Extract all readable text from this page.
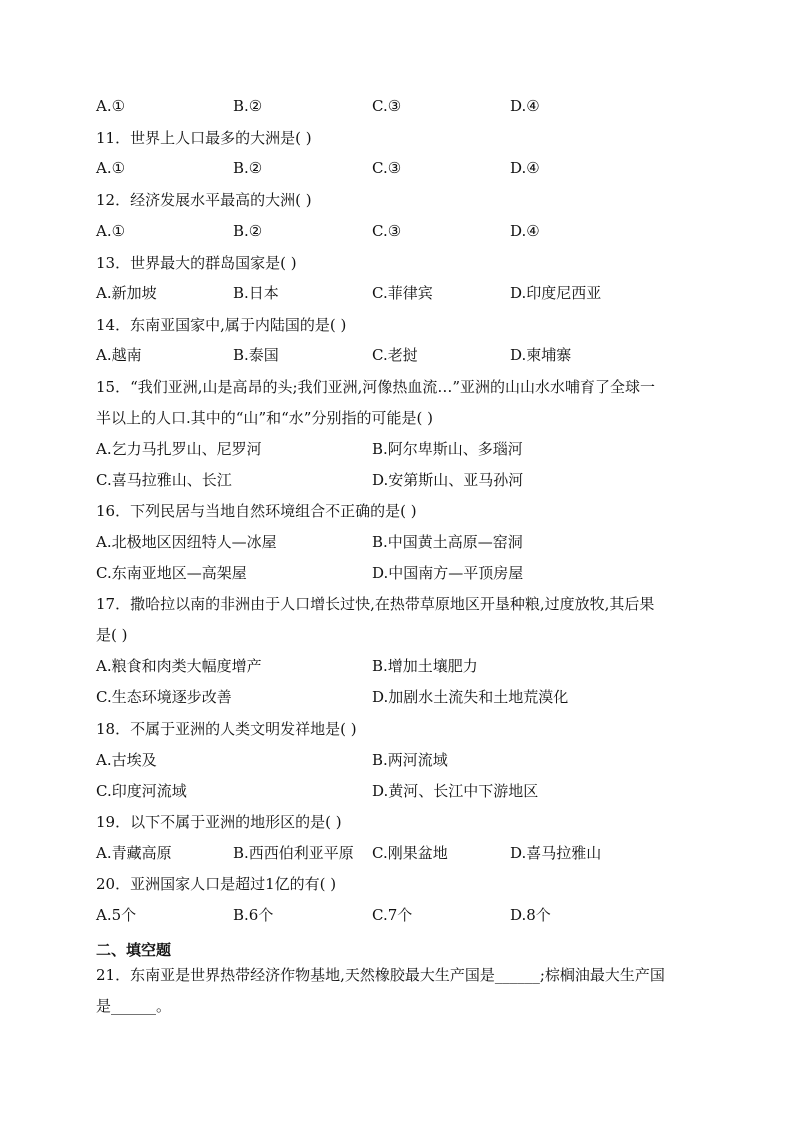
A.①	B.②	C.③	D.④
11．世界上人口最多的大洲是( )
A.①	B.②	C.③	D.④
12．经济发展水平最高的大洲( )
A.①	B.②	C.③	D.④
13．世界最大的群岛国家是( )
A.新加坡	B.日本	C.菲律宾	D.印度尼西亚
14．东南亚国家中,属于内陆国的是( )
A.越南	B.泰国	C.老挝	D.柬埔寨
15．“我们亚洲,山是高昂的头;我们亚洲,河像热血流…”亚洲的山山水水哺育了全球一
半以上的人口.其中的“山”和“水”分别指的可能是( )
A.乞力马扎罗山、尼罗河	B.阿尔卑斯山、多瑙河
C.喜马拉雅山、长江	D.安第斯山、亚马孙河
16．下列民居与当地自然环境组合不正确的是( )
A.北极地区因纽特人—冰屋	B.中国黄土高原—窑洞
C.东南亚地区—高架屋	D.中国南方—平顶房屋
17．撒哈拉以南的非洲由于人口增长过快,在热带草原地区开垦种粮,过度放牧,其后果
是( )
A.粮食和肉类大幅度增产	B.增加土壤肥力
C.生态环境逐步改善	D.加剧水土流失和土地荒漠化
18．不属于亚洲的人类文明发祥地是( )
A.古埃及	B.两河流域
C.印度河流域	D.黄河、长江中下游地区
19．以下不属于亚洲的地形区的是( )
A.青藏高原	B.西西伯利亚平原 C.刚果盆地	D.喜马拉雅山
20．亚洲国家人口是超过1亿的有( )
A.5个	B.6个	C.7个	D.8个
二、填空题
21．东南亚是世界热带经济作物基地,天然橡胶最大生产国是______;棕榈油最大生产国
是______。
